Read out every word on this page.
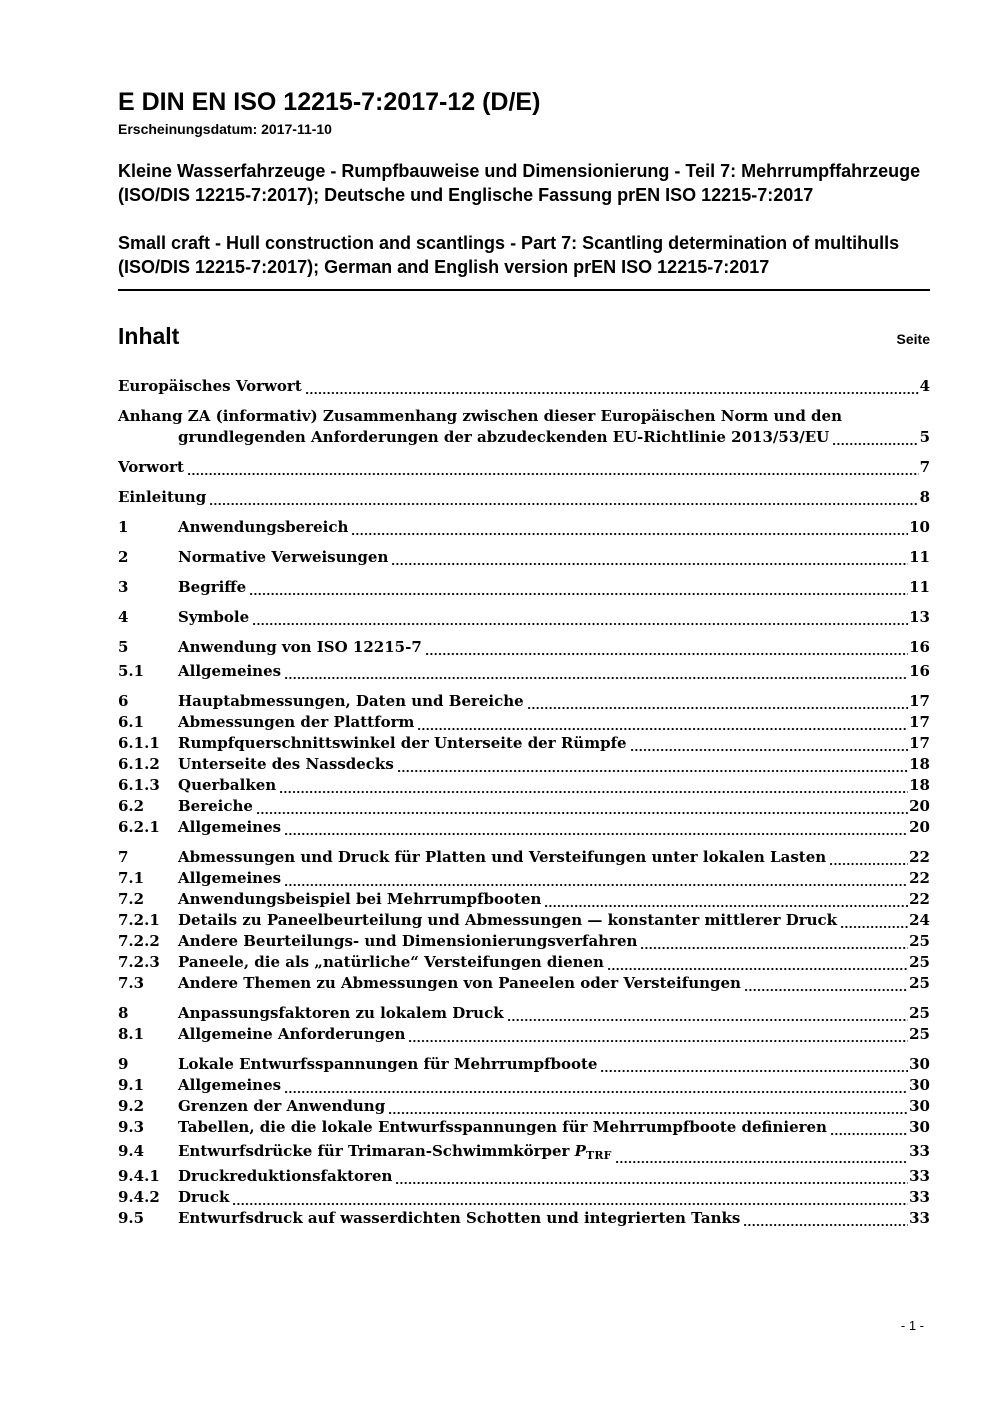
E DIN EN ISO 12215-7:2017-12 (D/E)
Erscheinungsdatum: 2017-11-10

Kleine Wasserfahrzeuge - Rumpfbauweise und Dimensionierung - Teil 7: Mehrrumpffahrzeuge (ISO/DIS 12215-7:2017); Deutsche und Englische Fassung prEN ISO 12215-7:2017

Small craft - Hull construction and scantlings - Part 7: Scantling determination of multihulls (ISO/DIS 12215-7:2017); German and English version prEN ISO 12215-7:2017

Inhalt	Seite
Europäisches Vorwort	4
Anhang ZA (informativ) Zusammenhang zwischen dieser Europäischen Norm und den
grundlegenden Anforderungen der abzudeckenden EU-Richtlinie 2013/53/EU	5
Vorwort	7
Einleitung	8
1	Anwendungsbereich	10
2	Normative Verweisungen	11
3	Begriffe	11
4	Symbole	13
5	Anwendung von ISO 12215-7	16
5.1	Allgemeines	16
6	Hauptabmessungen, Daten und Bereiche	17
6.1	Abmessungen der Plattform	17
6.1.1	Rumpfquerschnittswinkel der Unterseite der Rümpfe	17
6.1.2	Unterseite des Nassdecks	18
6.1.3	Querbalken	18
6.2	Bereiche	20
6.2.1	Allgemeines	20
7	Abmessungen und Druck für Platten und Versteifungen unter lokalen Lasten	22
7.1	Allgemeines	22
7.2	Anwendungsbeispiel bei Mehrrumpfbooten	22
7.2.1	Details zu Paneelbeurteilung und Abmessungen — konstanter mittlerer Druck	24
7.2.2	Andere Beurteilungs- und Dimensionierungsverfahren	25
7.2.3	Paneele, die als „natürliche“ Versteifungen dienen	25
7.3	Andere Themen zu Abmessungen von Paneelen oder Versteifungen	25
8	Anpassungsfaktoren zu lokalem Druck	25
8.1	Allgemeine Anforderungen	25
9	Lokale Entwurfsspannungen für Mehrrumpfboote	30
9.1	Allgemeines	30
9.2	Grenzen der Anwendung	30
9.3	Tabellen, die die lokale Entwurfsspannungen für Mehrrumpfboote definieren	30
9.4	Entwurfsdrücke für Trimaran-Schwimmkörper $P_{TRF}$	33
9.4.1	Druckreduktionsfaktoren	33
9.4.2	Druck	33
9.5	Entwurfsdruck auf wasserdichten Schotten und integrierten Tanks	33
- 1 -
